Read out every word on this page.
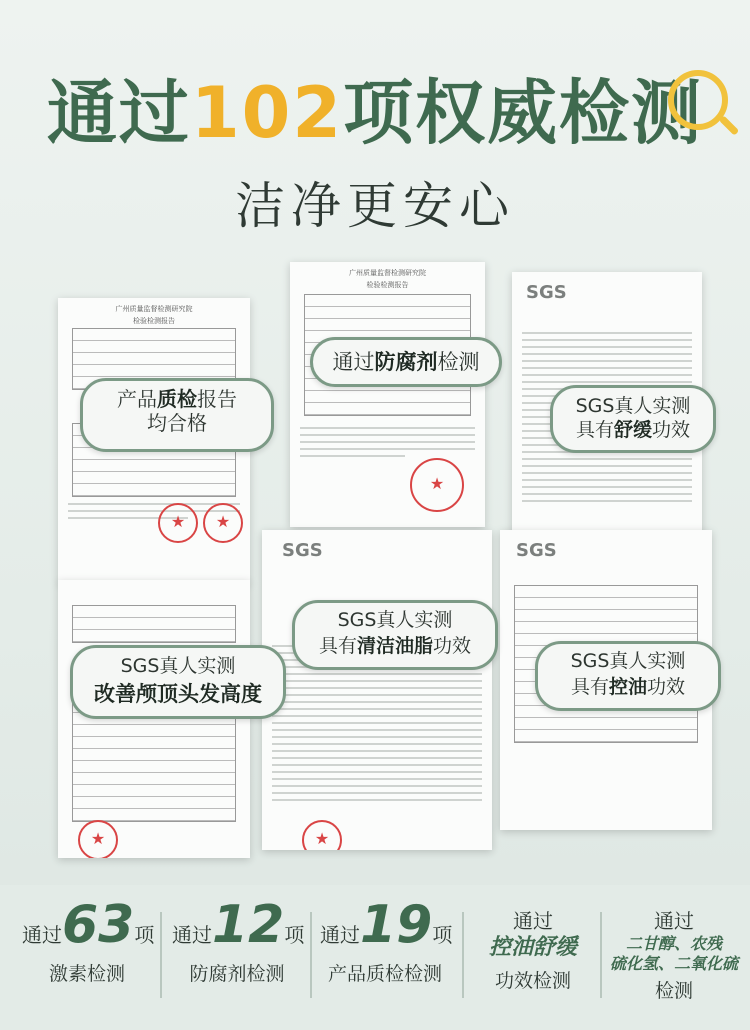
通过102项权威检测
洁净更安心
广州质量监督检测研究院
检验检测报告
★	★
广州质量监督检测研究院
检验检测报告
★
SGS
★
SGS
★
SGS
产品质检报告
均合格
通过防腐剂检测
SGS真人实测
具有舒缓功效
SGS真人实测
具有清洁油脂功效
SGS真人实测
改善颅顶头发高度
SGS真人实测
具有控油功效
通过63项
激素检测
通过12项
防腐剂检测
通过19项
产品质检检测
通过
控油舒缓
功效检测
通过
二甘醇、农残
硫化氢、二氧化硫
检测
